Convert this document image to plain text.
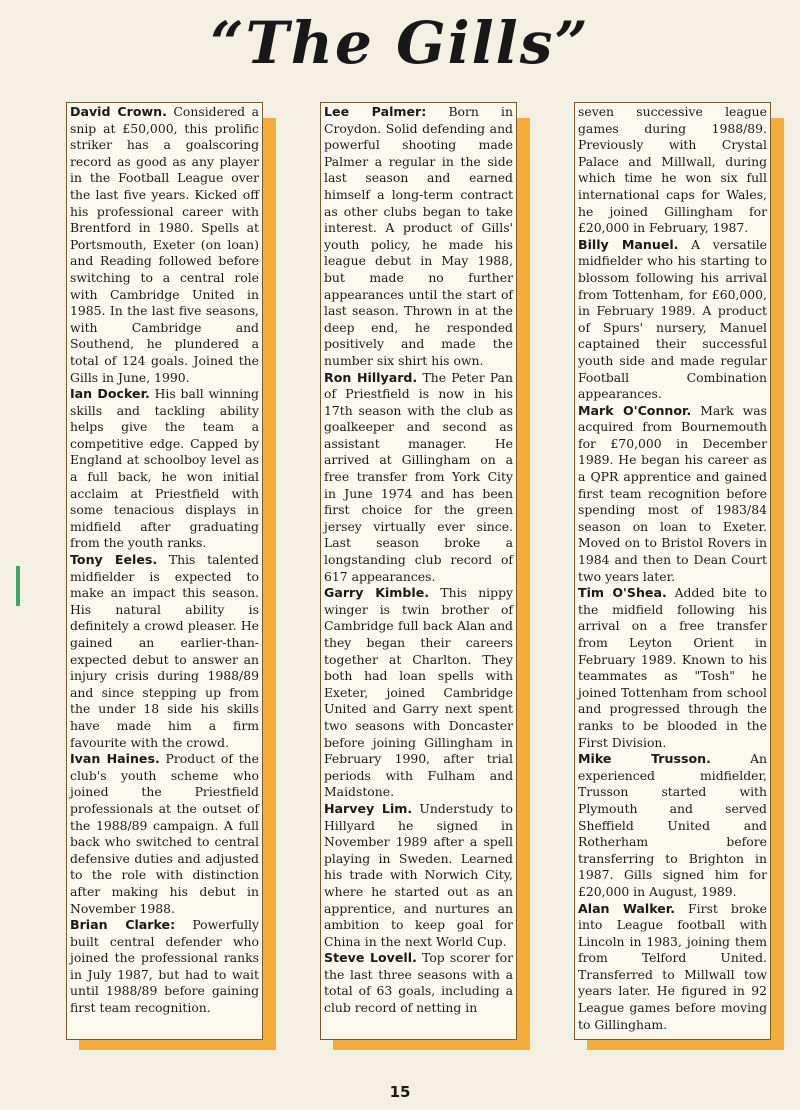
“The Gills”

David Crown. Considered a snip at £50,000, this prolific striker has a goalscoring record as good as any player in the Football League over the last five years. Kicked off his professional career with Brentford in 1980. Spells at Portsmouth, Exeter (on loan) and Reading followed before switching to a central role with Cambridge United in 1985. In the last five seasons, with Cambridge and Southend, he plundered a total of 124 goals. Joined the Gills in June, 1990.

Ian Docker. His ball winning skills and tackling ability helps give the team a competitive edge. Capped by England at schoolboy level as a full back, he won initial acclaim at Priestfield with some tenacious displays in midfield after graduating from the youth ranks.

Tony Eeles. This talented midfielder is expected to make an impact this season. His natural ability is definitely a crowd pleaser. He gained an earlier-than-expected debut to answer an injury crisis during 1988/89 and since stepping up from the under 18 side his skills have made him a firm favourite with the crowd.

Ivan Haines. Product of the club's youth scheme who joined the Priestfield professionals at the outset of the 1988/89 campaign. A full back who switched to central defensive duties and adjusted to the role with distinction after making his debut in November 1988.

Brian Clarke: Powerfully built central defender who joined the professional ranks in July 1987, but had to wait until 1988/89 before gaining first team recognition.

Lee Palmer: Born in Croydon. Solid defending and powerful shooting made Palmer a regular in the side last season and earned himself a long-term contract as other clubs began to take interest. A product of Gills' youth policy, he made his league debut in May 1988, but made no further appearances until the start of last season. Thrown in at the deep end, he responded positively and made the number six shirt his own.

Ron Hillyard. The Peter Pan of Priestfield is now in his 17th season with the club as goalkeeper and second as assistant manager. He arrived at Gillingham on a free transfer from York City in June 1974 and has been first choice for the green jersey virtually ever since. Last season broke a longstanding club record of 617 appearances.

Garry Kimble. This nippy winger is twin brother of Cambridge full back Alan and they began their careers together at Charlton. They both had loan spells with Exeter, joined Cambridge United and Garry next spent two seasons with Doncaster before joining Gillingham in February 1990, after trial periods with Fulham and Maidstone.

Harvey Lim. Understudy to Hillyard he signed in November 1989 after a spell playing in Sweden. Learned his trade with Norwich City, where he started out as an apprentice, and nurtures an ambition to keep goal for China in the next World Cup.

Steve Lovell. Top scorer for the last three seasons with a total of 63 goals, including a club record of netting in

seven successive league games during 1988/89. Previously with Crystal Palace and Millwall, during which time he won six full international caps for Wales, he joined Gillingham for £20,000 in February, 1987.

Billy Manuel. A versatile midfielder who his starting to blossom following his arrival from Tottenham, for £60,000, in February 1989. A product of Spurs' nursery, Manuel captained their successful youth side and made regular Football Combination appearances.

Mark O'Connor. Mark was acquired from Bournemouth for £70,000 in December 1989. He began his career as a QPR apprentice and gained first team recognition before spending most of 1983/84 season on loan to Exeter. Moved on to Bristol Rovers in 1984 and then to Dean Court two years later.

Tim O'Shea. Added bite to the midfield following his arrival on a free transfer from Leyton Orient in February 1989. Known to his teammates as "Tosh" he joined Tottenham from school and progressed through the ranks to be blooded in the First Division.

Mike Trusson. An experienced midfielder, Trusson started with Plymouth and served Sheffield United and Rotherham before transferring to Brighton in 1987. Gills signed him for £20,000 in August, 1989.

Alan Walker. First broke into League football with Lincoln in 1983, joining them from Telford United. Transferred to Millwall tow years later. He figured in 92 League games before moving to Gillingham.

15
